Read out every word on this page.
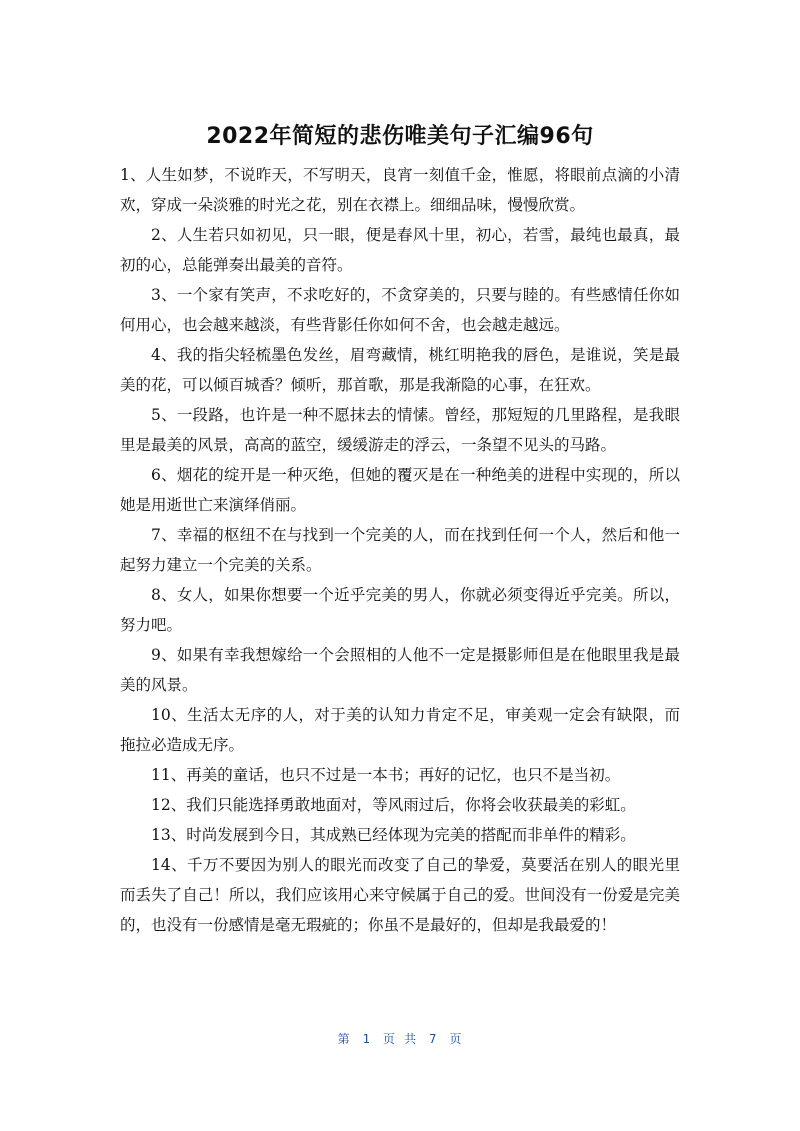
2022年简短的悲伤唯美句子汇编96句

1、人生如梦，不说昨天，不写明天，良宵一刻值千金，惟愿，将眼前点滴的小清欢，穿成一朵淡雅的时光之花，别在衣襟上。细细品味，慢慢欣赏。

2、人生若只如初见，只一眼，便是春风十里，初心，若雪，最纯也最真，最初的心，总能弹奏出最美的音符。

3、一个家有笑声，不求吃好的，不贪穿美的，只要与睦的。有些感情任你如何用心，也会越来越淡，有些背影任你如何不舍，也会越走越远。

4、我的指尖轻梳墨色发丝，眉弯藏情，桃红明艳我的唇色，是谁说，笑是最美的花，可以倾百城香？倾听，那首歌，那是我渐隐的心事，在狂欢。

5、一段路，也许是一种不愿抹去的情愫。曾经，那短短的几里路程，是我眼里是最美的风景，高高的蓝空，缓缓游走的浮云，一条望不见头的马路。

6、烟花的绽开是一种灭绝，但她的覆灭是在一种绝美的进程中实现的，所以她是用逝世亡来演绎俏丽。

7、幸福的枢纽不在与找到一个完美的人，而在找到任何一个人，然后和他一起努力建立一个完美的关系。

8、女人，如果你想要一个近乎完美的男人，你就必须变得近乎完美。所以，努力吧。

9、如果有幸我想嫁给一个会照相的人他不一定是摄影师但是在他眼里我是最美的风景。

10、生活太无序的人，对于美的认知力肯定不足，审美观一定会有缺限，而拖拉必造成无序。

11、再美的童话，也只不过是一本书；再好的记忆，也只不是当初。

12、我们只能选择勇敢地面对，等风雨过后，你将会收获最美的彩虹。

13、时尚发展到今日，其成熟已经体现为完美的搭配而非单件的精彩。

14、千万不要因为别人的眼光而改变了自己的挚爱，莫要活在别人的眼光里而丢失了自己！所以，我们应该用心来守候属于自己的爱。世间没有一份爱是完美的，也没有一份感情是毫无瑕疵的；你虽不是最好的，但却是我最爱的！

第 1 页 共 7 页
